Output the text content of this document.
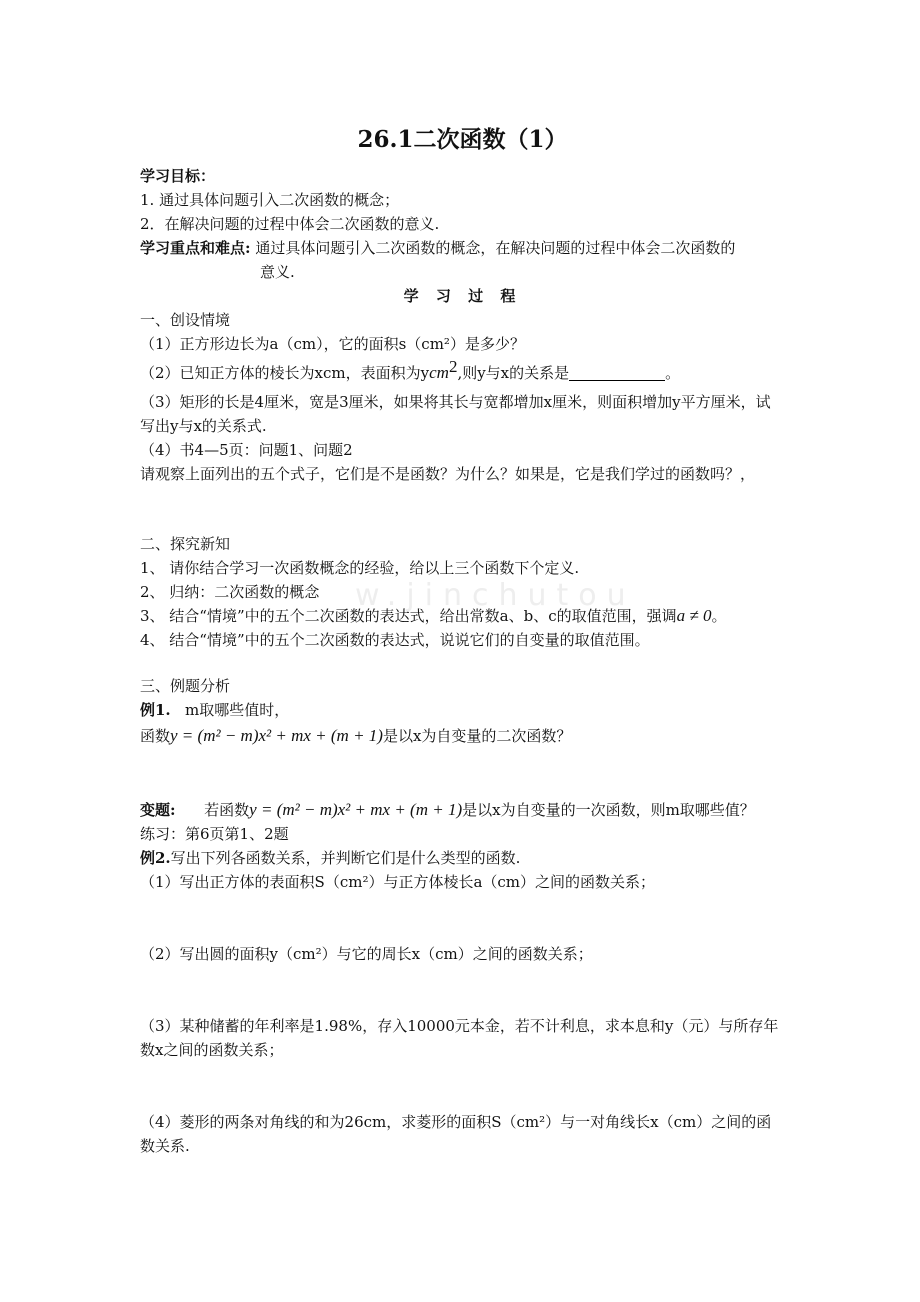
w.jinchutou
26.1二次函数（1）
学习目标：
1. 通过具体问题引入二次函数的概念；
2．在解决问题的过程中体会二次函数的意义.
学习重点和难点: 通过具体问题引入二次函数的概念，在解决问题的过程中体会二次函数的
意义.
学 习 过 程
一、创设情境
（1）正方形边长为a（cm），它的面积s（cm²）是多少？
（2）已知正方体的棱长为xcm，表面积为ycm$^2$,则y与x的关系是	。
（3）矩形的长是4厘米，宽是3厘米，如果将其长与宽都增加x厘米，则面积增加y平方厘米，试写出y与x的关系式.
（4）书4—5页：问题1、问题2
请观察上面列出的五个式子，它们是不是函数？为什么？如果是，它是我们学过的函数吗？，
二、探究新知
1、 请你结合学习一次函数概念的经验，给以上三个函数下个定义.
2、 归纳：二次函数的概念
3、 结合“情境”中的五个二次函数的表达式，给出常数a、b、c的取值范围，强调a ≠ 0。
4、 结合“情境”中的五个二次函数的表达式，说说它们的自变量的取值范围。
三、例题分析
例1.   m取哪些值时，
函数y = (m² − m)x² + mx + (m + 1)是以x为自变量的二次函数？
变题: 若函数y = (m² − m)x² + mx + (m + 1)是以x为自变量的一次函数，则m取哪些值？
练习：第6页第1、2题
例2.写出下列各函数关系，并判断它们是什么类型的函数.
（1）写出正方体的表面积S（cm²）与正方体棱长a（cm）之间的函数关系；
（2）写出圆的面积y（cm²）与它的周长x（cm）之间的函数关系；
（3）某种储蓄的年利率是1.98%，存入10000元本金，若不计利息，求本息和y（元）与所存年数x之间的函数关系；
（4）菱形的两条对角线的和为26cm，求菱形的面积S（cm²）与一对角线长x（cm）之间的函数关系.
